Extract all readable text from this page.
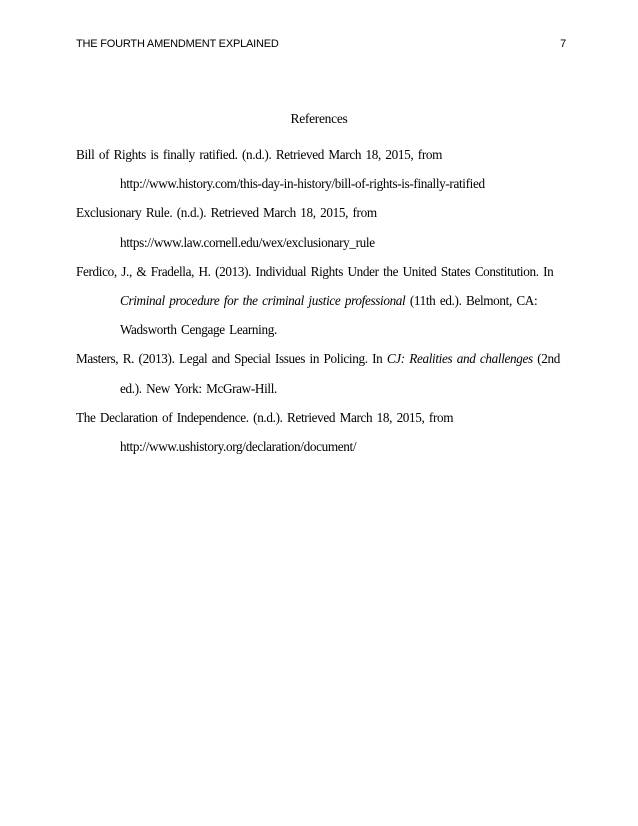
THE FOURTH AMENDMENT EXPLAINED	7
References
Bill of Rights is finally ratified. (n.d.). Retrieved March 18, 2015, from
http://www.history.com/this-day-in-history/bill-of-rights-is-finally-ratified
Exclusionary Rule. (n.d.). Retrieved March 18, 2015, from
https://www.law.cornell.edu/wex/exclusionary_rule
Ferdico, J., & Fradella, H. (2013). Individual Rights Under the United States Constitution. In
Criminal procedure for the criminal justice professional (11th ed.). Belmont, CA:
Wadsworth Cengage Learning.
Masters, R. (2013). Legal and Special Issues in Policing. In CJ: Realities and challenges (2nd
ed.). New York: McGraw-Hill.
The Declaration of Independence. (n.d.). Retrieved March 18, 2015, from
http://www.ushistory.org/declaration/document/
